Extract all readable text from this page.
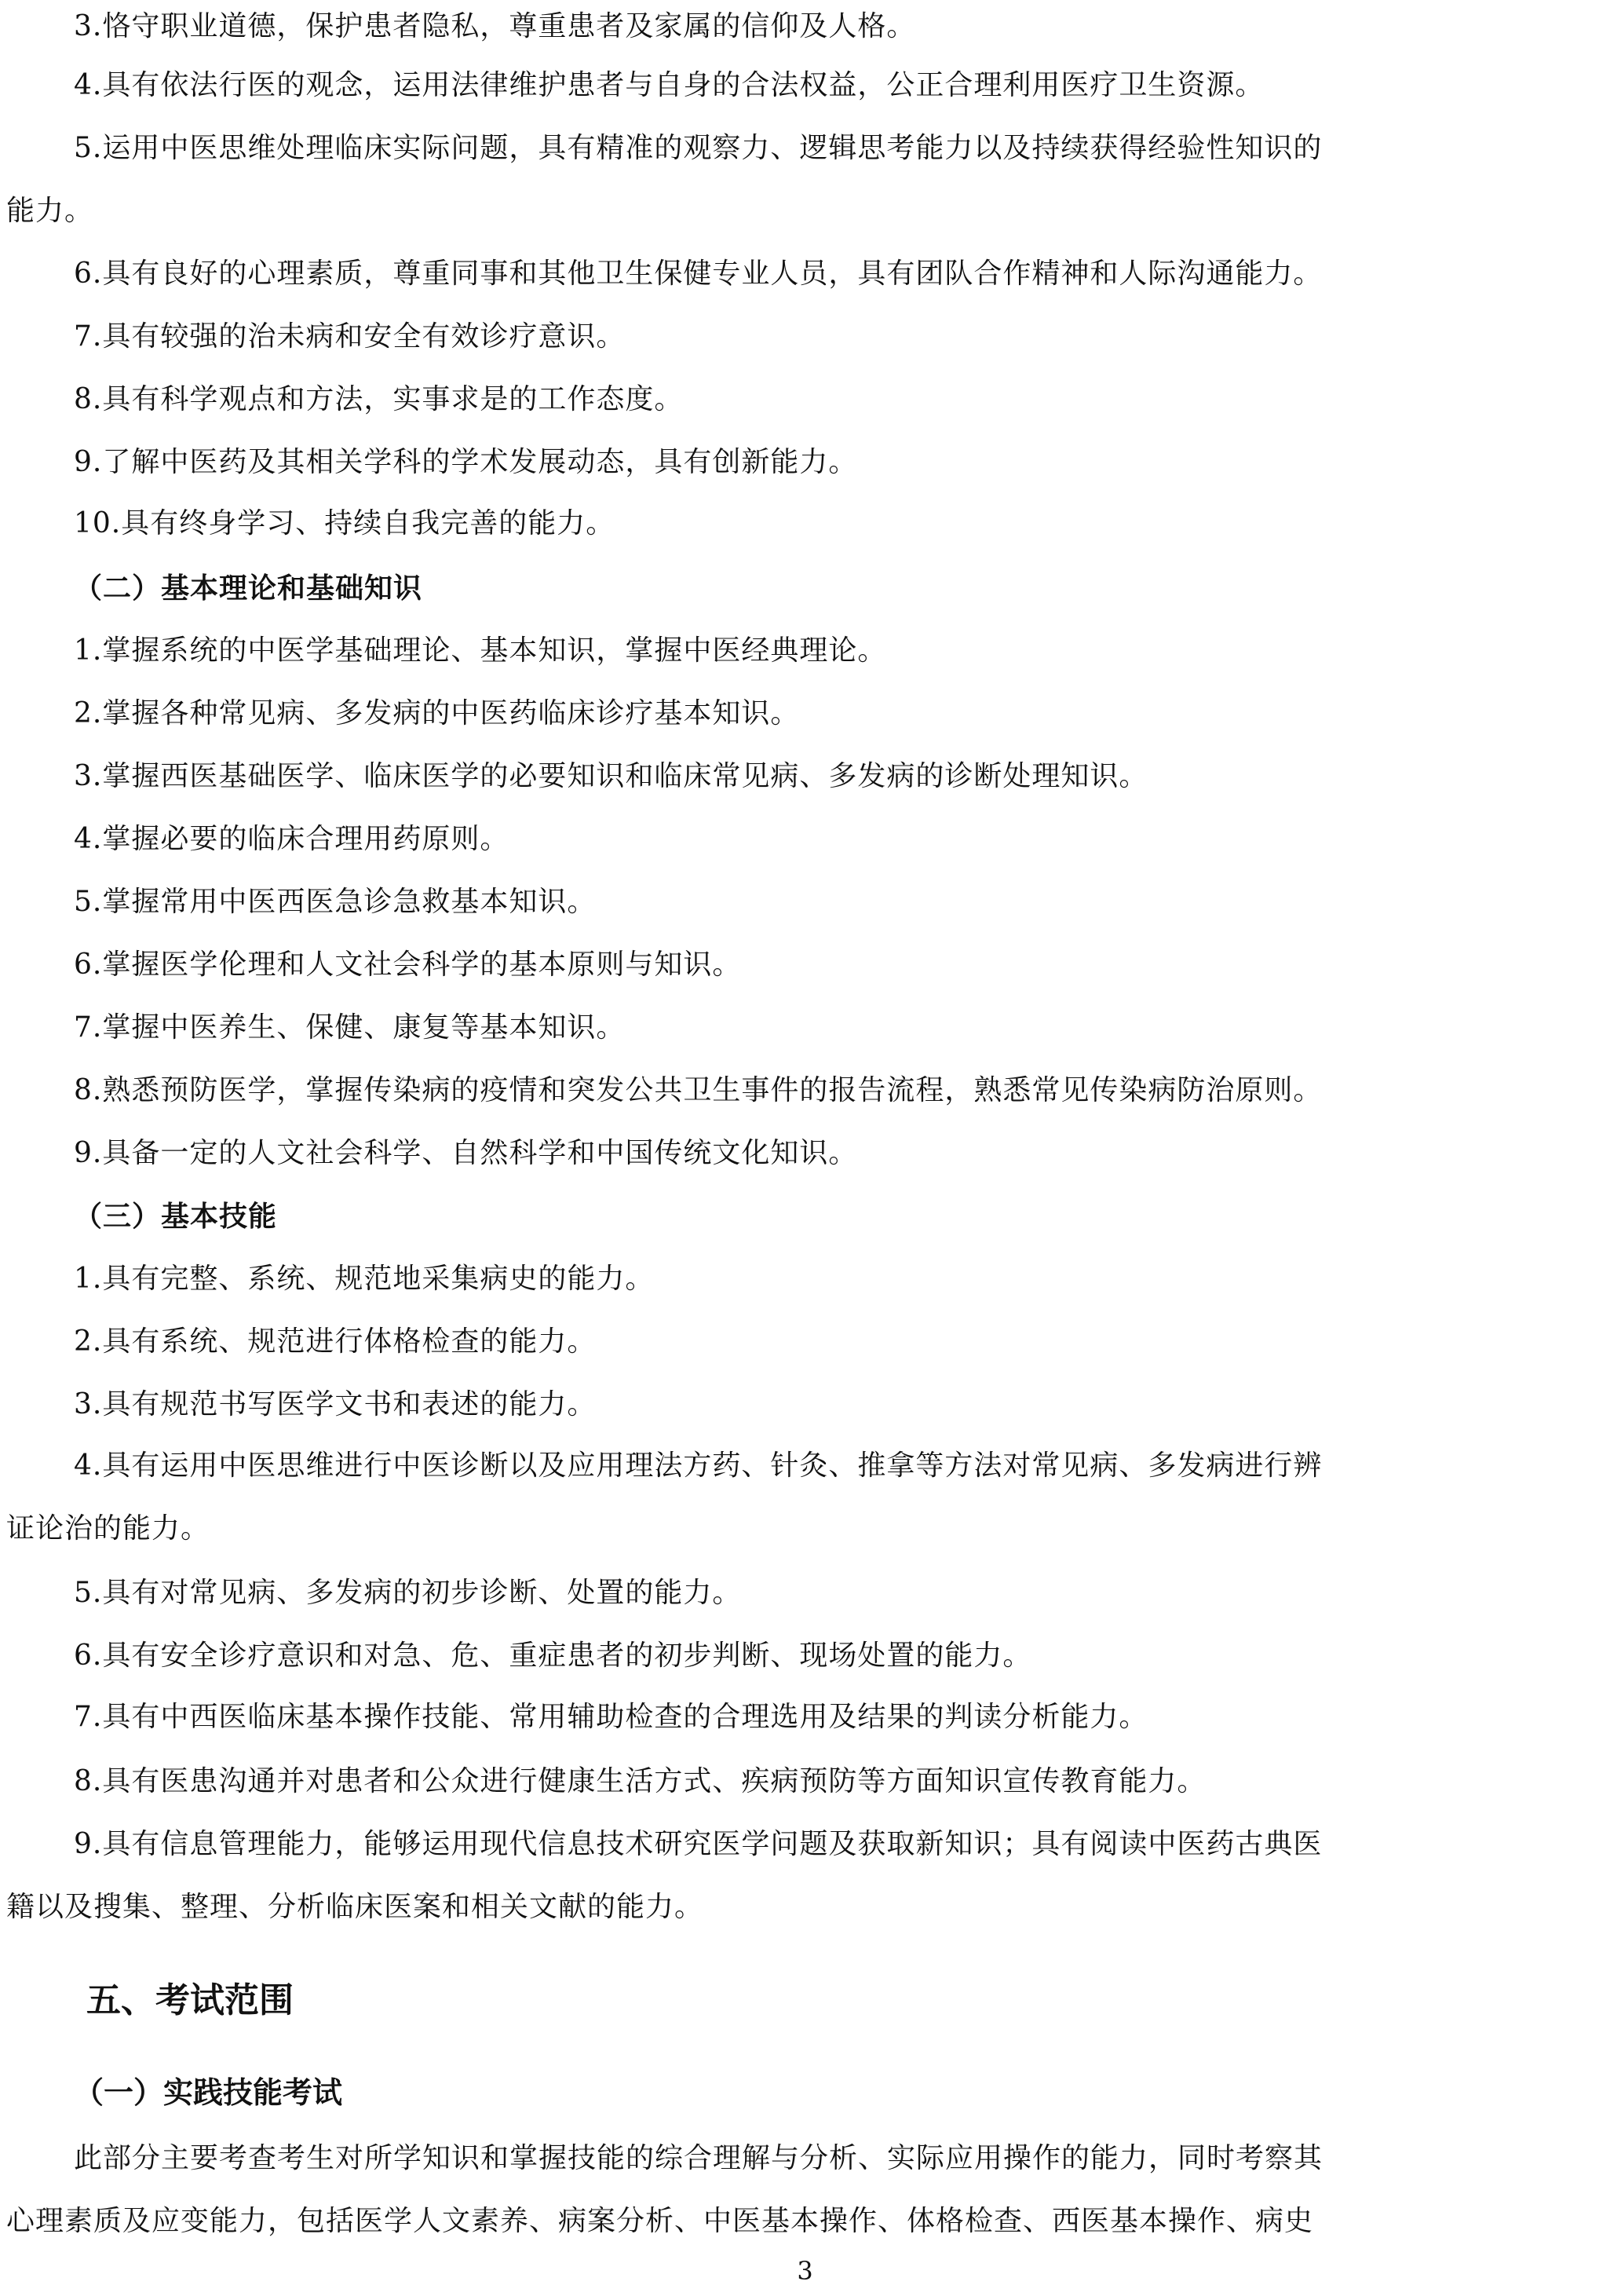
3.恪守职业道德，保护患者隐私，尊重患者及家属的信仰及人格。
4.具有依法行医的观念，运用法律维护患者与自身的合法权益，公正合理利用医疗卫生资源。
5.运用中医思维处理临床实际问题，具有精准的观察力、逻辑思考能力以及持续获得经验性知识的
能力。
6.具有良好的心理素质，尊重同事和其他卫生保健专业人员，具有团队合作精神和人际沟通能力。
7.具有较强的治未病和安全有效诊疗意识。
8.具有科学观点和方法，实事求是的工作态度。
9.了解中医药及其相关学科的学术发展动态，具有创新能力。
10.具有终身学习、持续自我完善的能力。
（二）基本理论和基础知识
1.掌握系统的中医学基础理论、基本知识，掌握中医经典理论。
2.掌握各种常见病、多发病的中医药临床诊疗基本知识。
3.掌握西医基础医学、临床医学的必要知识和临床常见病、多发病的诊断处理知识。
4.掌握必要的临床合理用药原则。
5.掌握常用中医西医急诊急救基本知识。
6.掌握医学伦理和人文社会科学的基本原则与知识。
7.掌握中医养生、保健、康复等基本知识。
8.熟悉预防医学，掌握传染病的疫情和突发公共卫生事件的报告流程，熟悉常见传染病防治原则。
9.具备一定的人文社会科学、自然科学和中国传统文化知识。
（三）基本技能
1.具有完整、系统、规范地采集病史的能力。
2.具有系统、规范进行体格检查的能力。
3.具有规范书写医学文书和表述的能力。
4.具有运用中医思维进行中医诊断以及应用理法方药、针灸、推拿等方法对常见病、多发病进行辨
证论治的能力。
5.具有对常见病、多发病的初步诊断、处置的能力。
6.具有安全诊疗意识和对急、危、重症患者的初步判断、现场处置的能力。
7.具有中西医临床基本操作技能、常用辅助检查的合理选用及结果的判读分析能力。
8.具有医患沟通并对患者和公众进行健康生活方式、疾病预防等方面知识宣传教育能力。
9.具有信息管理能力，能够运用现代信息技术研究医学问题及获取新知识；具有阅读中医药古典医
籍以及搜集、整理、分析临床医案和相关文献的能力。
五、考试范围
（一）实践技能考试
此部分主要考查考生对所学知识和掌握技能的综合理解与分析、实际应用操作的能力，同时考察其
心理素质及应变能力，包括医学人文素养、病案分析、中医基本操作、体格检查、西医基本操作、病史
3
